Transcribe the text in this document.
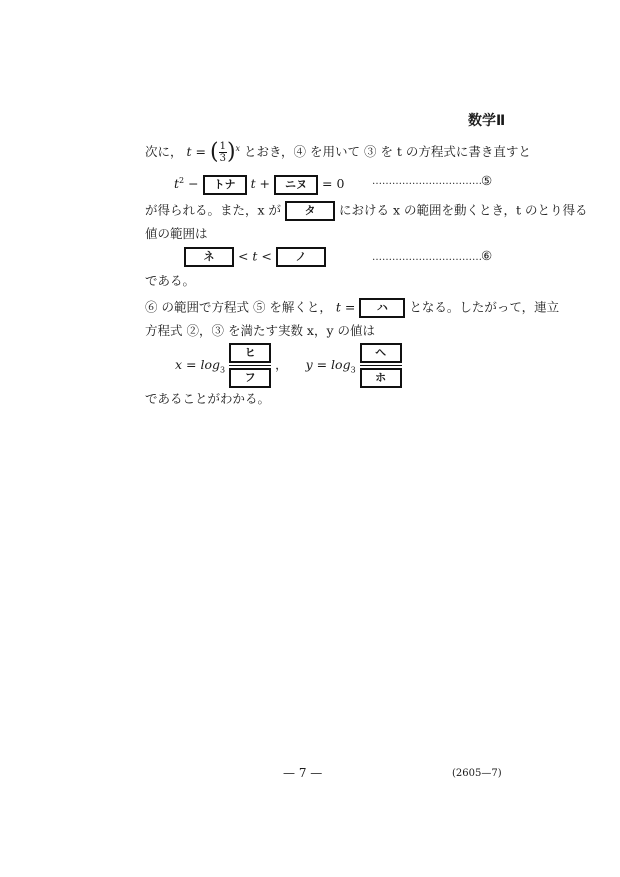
数学Ⅱ
次に， t = ( $\frac{1}{3} )^x$ とおき，④ を用いて ③ を t の方程式に書き直すと
$t^2$ − トナ t + ニヌ = 0	…………………………… ⑤
が得られる。また，x が タ における x の範囲を動くとき，t のとり得る
値の範囲は
ネ < t < ノ	…………………………… ⑥
である。
⑥ の範囲で方程式 ⑤ を解くと， t = ハ となる。したがって，連立
方程式 ②，③ を満たす実数 x，y の値は
$x = \log_3$
ヒ
フ
， $y = \log_3$
ヘ
ホ
であることがわかる。
— 7 —	(2605—7)
